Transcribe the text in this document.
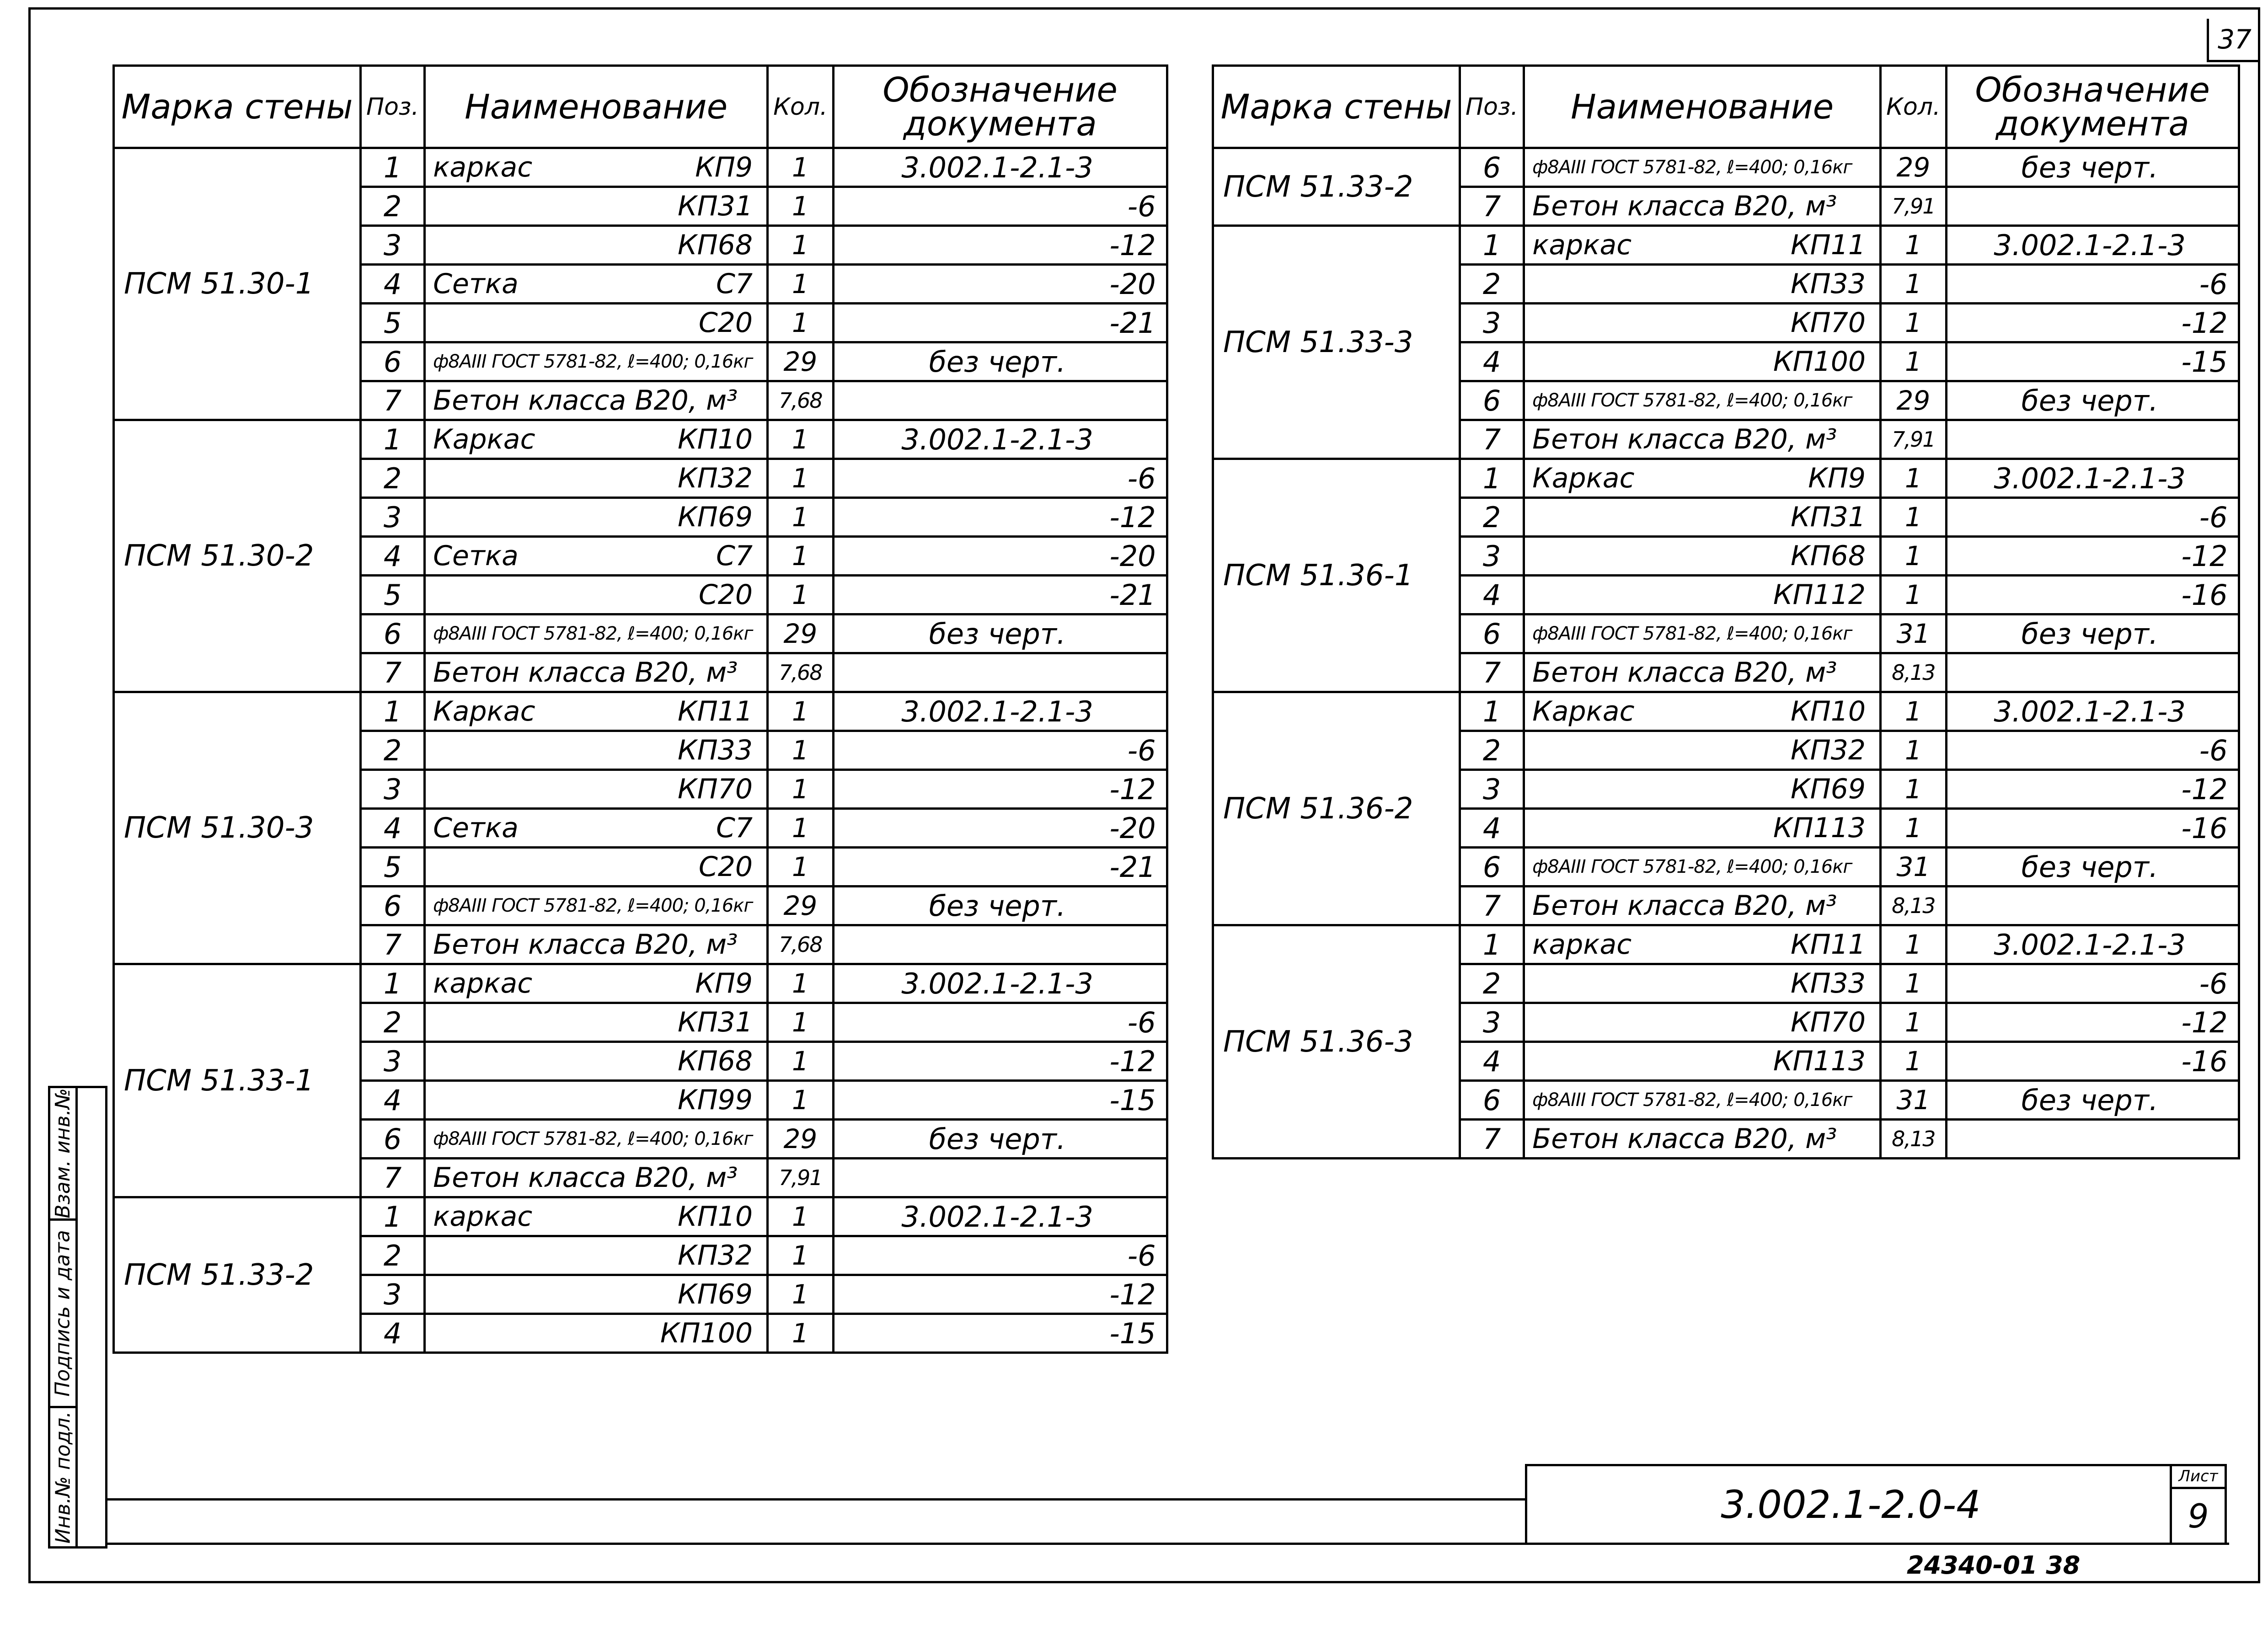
37
Марка стены	Поз.	Наименование	Кол.	Обозначение документа
ПСМ 51.30-1	1	каркас КП9	1	3.002.1-2.1-3
	2	КП31	1	-6
	3	КП68	1	-12
	4	Сетка С7	1	-20
	5	С20	1	-21
	6	ф8АIII ГОСТ 5781-82, ℓ=400; 0,16кг	29	без черт.
	7	Бетон класса В20, м³	7,68	
ПСМ 51.30-2	1	Каркас КП10	1	3.002.1-2.1-3
	2	КП32	1	-6
	3	КП69	1	-12
	4	Сетка С7	1	-20
	5	С20	1	-21
	6	ф8АIII ГОСТ 5781-82, ℓ=400; 0,16кг	29	без черт.
	7	Бетон класса В20, м³	7,68	
ПСМ 51.30-3	1	Каркас КП11	1	3.002.1-2.1-3
	2	КП33	1	-6
	3	КП70	1	-12
	4	Сетка С7	1	-20
	5	С20	1	-21
	6	ф8АIII ГОСТ 5781-82, ℓ=400; 0,16кг	29	без черт.
	7	Бетон класса В20, м³	7,68	
ПСМ 51.33-1	1	каркас КП9	1	3.002.1-2.1-3
	2	КП31	1	-6
	3	КП68	1	-12
	4	КП99	1	-15
	6	ф8АIII ГОСТ 5781-82, ℓ=400; 0,16кг	29	без черт.
	7	Бетон класса В20, м³	7,91	
ПСМ 51.33-2	1	каркас КП10	1	3.002.1-2.1-3
	2	КП32	1	-6
	3	КП69	1	-12
	4	КП100	1	-15
Марка стены	Поз.	Наименование	Кол.	Обозначение документа
ПСМ 51.33-2	6	ф8АIII ГОСТ 5781-82, ℓ=400; 0,16кг	29	без черт.
	7	Бетон класса В20, м³	7,91	
ПСМ 51.33-3	1	каркас КП11	1	3.002.1-2.1-3
	2	КП33	1	-6
	3	КП70	1	-12
	4	КП100	1	-15
	6	ф8АIII ГОСТ 5781-82, ℓ=400; 0,16кг	29	без черт.
	7	Бетон класса В20, м³	7,91	
ПСМ 51.36-1	1	Каркас КП9	1	3.002.1-2.1-3
	2	КП31	1	-6
	3	КП68	1	-12
	4	КП112	1	-16
	6	ф8АIII ГОСТ 5781-82, ℓ=400; 0,16кг	31	без черт.
	7	Бетон класса В20, м³	8,13	
ПСМ 51.36-2	1	Каркас КП10	1	3.002.1-2.1-3
	2	КП32	1	-6
	3	КП69	1	-12
	4	КП113	1	-16
	6	ф8АIII ГОСТ 5781-82, ℓ=400; 0,16кг	31	без черт.
	7	Бетон класса В20, м³	8,13	
ПСМ 51.36-3	1	каркас КП11	1	3.002.1-2.1-3
	2	КП33	1	-6
	3	КП70	1	-12
	4	КП113	1	-16
	6	ф8АIII ГОСТ 5781-82, ℓ=400; 0,16кг	31	без черт.
	7	Бетон класса В20, м³	8,13	
Взам. инв.№
Подпись и дата
Инв.№ подл.	3.002.1-2.0-4
Лист
9
24340-01 38
